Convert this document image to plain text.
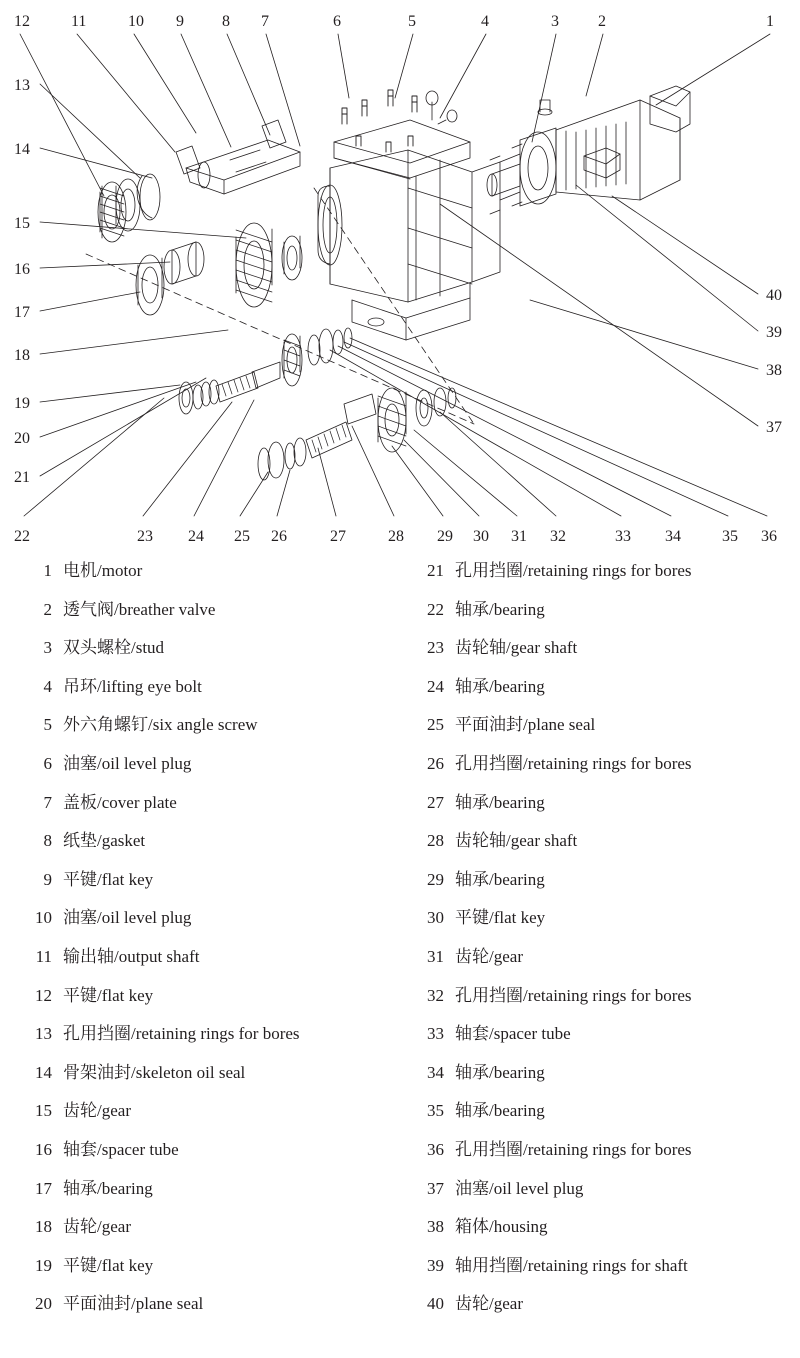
12	11	10 9 8 7	6	5	4	3 2	1
13
14
15
16
17
18
19
20
21
40
39
38
37
22	23 24 25 26	27	28 29 30 31 32	33 34	35 36
1 电机/motor
2 透气阀/breather valve
3 双头螺栓/stud
4 吊环/lifting eye bolt
5 外六角螺钉/six angle screw
6 油塞/oil level plug
7 盖板/cover plate
8 纸垫/gasket
9 平键/flat key
10 油塞/oil level plug
11 输出轴/output shaft
12 平键/flat key
13 孔用挡圈/retaining rings for bores
14 骨架油封/skeleton oil seal
15 齿轮/gear
16 轴套/spacer tube
17 轴承/bearing
18 齿轮/gear
19 平键/flat key
20 平面油封/plane seal
21 孔用挡圈/retaining rings for bores
22 轴承/bearing
23 齿轮轴/gear shaft
24 轴承/bearing
25 平面油封/plane seal
26 孔用挡圈/retaining rings for bores
27 轴承/bearing
28 齿轮轴/gear shaft
29 轴承/bearing
30 平键/flat key
31 齿轮/gear
32 孔用挡圈/retaining rings for bores
33 轴套/spacer tube
34 轴承/bearing
35 轴承/bearing
36 孔用挡圈/retaining rings for bores
37 油塞/oil level plug
38 箱体/housing
39 轴用挡圈/retaining rings for shaft
40 齿轮/gear
